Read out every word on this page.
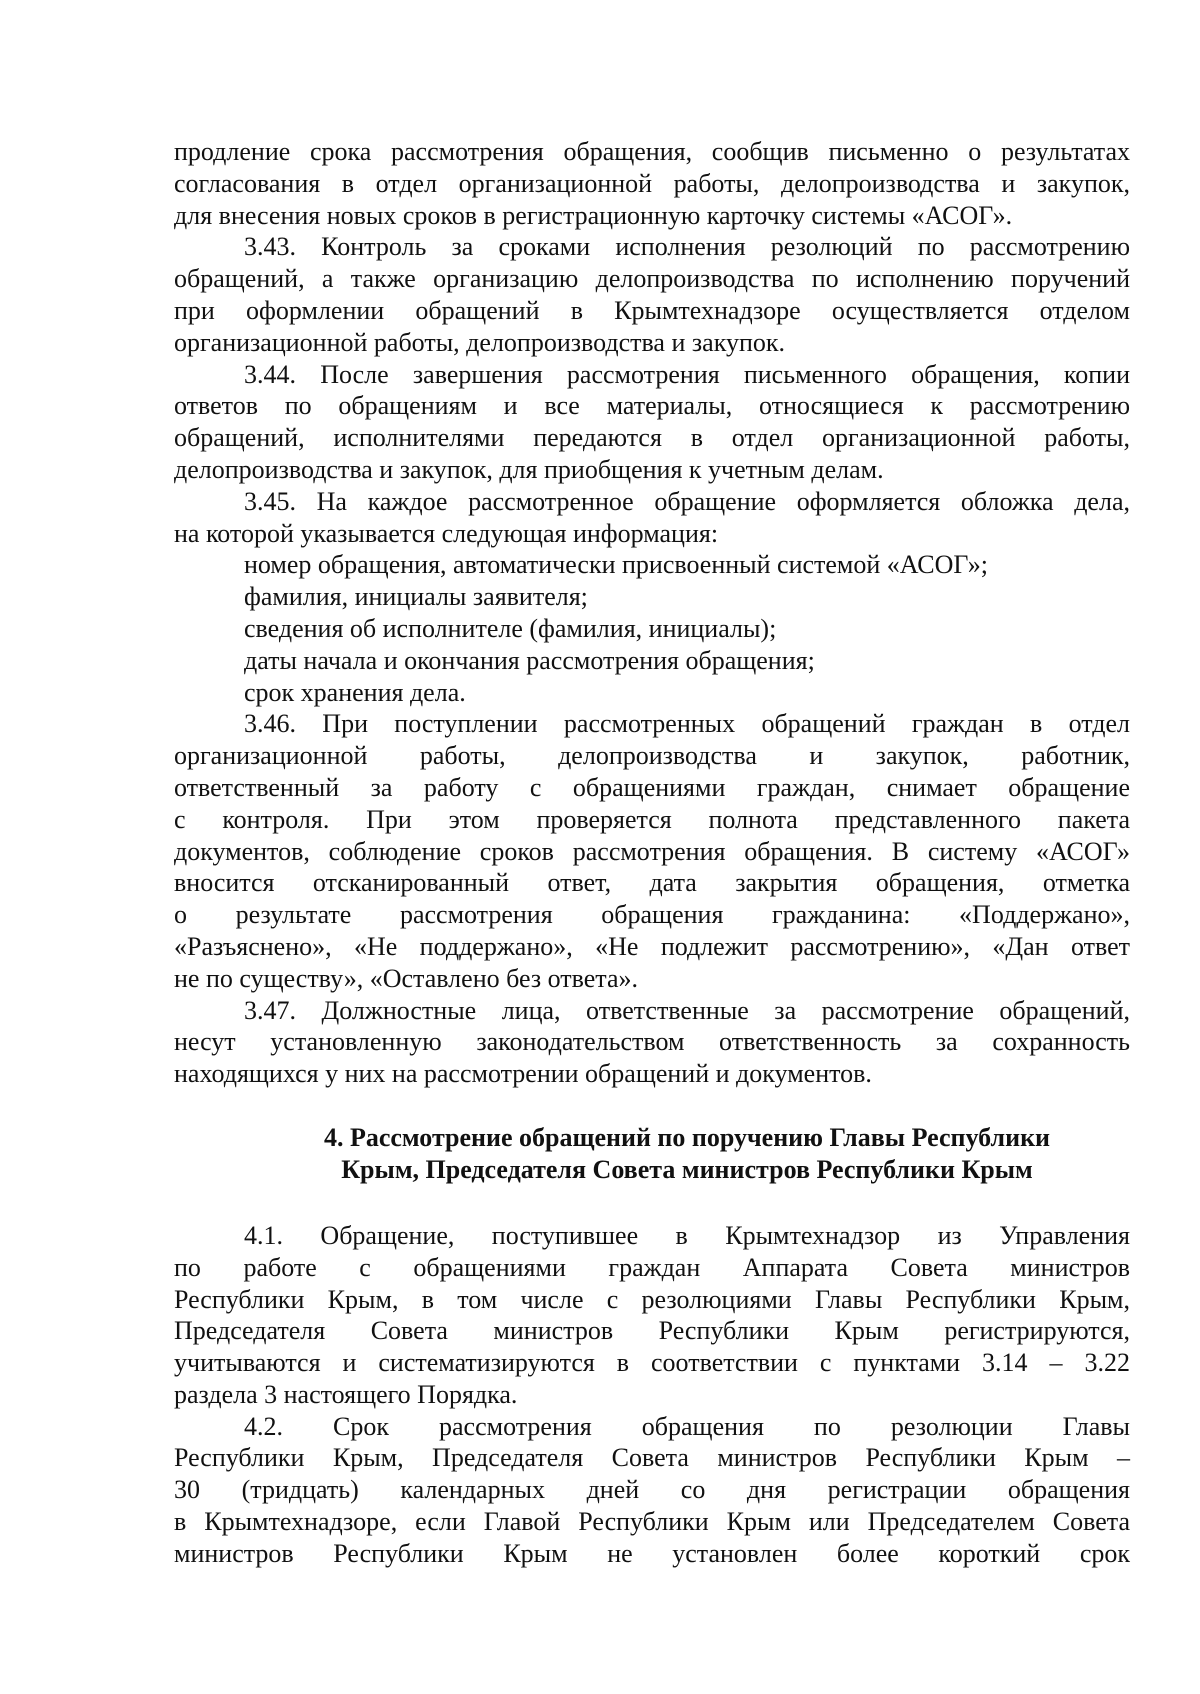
продление срока рассмотрения обращения, сообщив письменно о результатах
согласования в отдел организационной работы, делопроизводства и закупок,
для внесения новых сроков в регистрационную карточку системы «АСОГ».
3.43. Контроль за сроками исполнения резолюций по рассмотрению
обращений, а также организацию делопроизводства по исполнению поручений
при оформлении обращений в Крымтехнадзоре осуществляется отделом
организационной работы, делопроизводства и закупок.
3.44. После завершения рассмотрения письменного обращения, копии
ответов по обращениям и все материалы, относящиеся к рассмотрению
обращений, исполнителями передаются в отдел организационной работы,
делопроизводства и закупок, для приобщения к учетным делам.
3.45. На каждое рассмотренное обращение оформляется обложка дела,
на которой указывается следующая информация:
номер обращения, автоматически присвоенный системой «АСОГ»;
фамилия, инициалы заявителя;
сведения об исполнителе (фамилия, инициалы);
даты начала и окончания рассмотрения обращения;
срок хранения дела.
3.46. При поступлении рассмотренных обращений граждан в отдел
организационной работы, делопроизводства и закупок, работник,
ответственный за работу с обращениями граждан, снимает обращение
с контроля. При этом проверяется полнота представленного пакета
документов, соблюдение сроков рассмотрения обращения. В систему «АСОГ»
вносится отсканированный ответ, дата закрытия обращения, отметка
о результате рассмотрения обращения гражданина: «Поддержано»,
«Разъяснено», «Не поддержано», «Не подлежит рассмотрению», «Дан ответ
не по существу», «Оставлено без ответа».
3.47. Должностные лица, ответственные за рассмотрение обращений,
несут установленную законодательством ответственность за сохранность
находящихся у них на рассмотрении обращений и документов.
4. Рассмотрение обращений по поручению Главы Республики
Крым, Председателя Совета министров Республики Крым
4.1. Обращение, поступившее в Крымтехнадзор из Управления
по работе с обращениями граждан Аппарата Совета министров
Республики Крым, в том числе с резолюциями Главы Республики Крым,
Председателя Совета министров Республики Крым регистрируются,
учитываются и систематизируются в соответствии с пунктами 3.14 – 3.22
раздела 3 настоящего Порядка.
4.2. Срок рассмотрения обращения по резолюции Главы
Республики Крым, Председателя Совета министров Республики Крым –
30 (тридцать) календарных дней со дня регистрации обращения
в Крымтехнадзоре, если Главой Республики Крым или Председателем Совета
министров Республики Крым не установлен более короткий срок
